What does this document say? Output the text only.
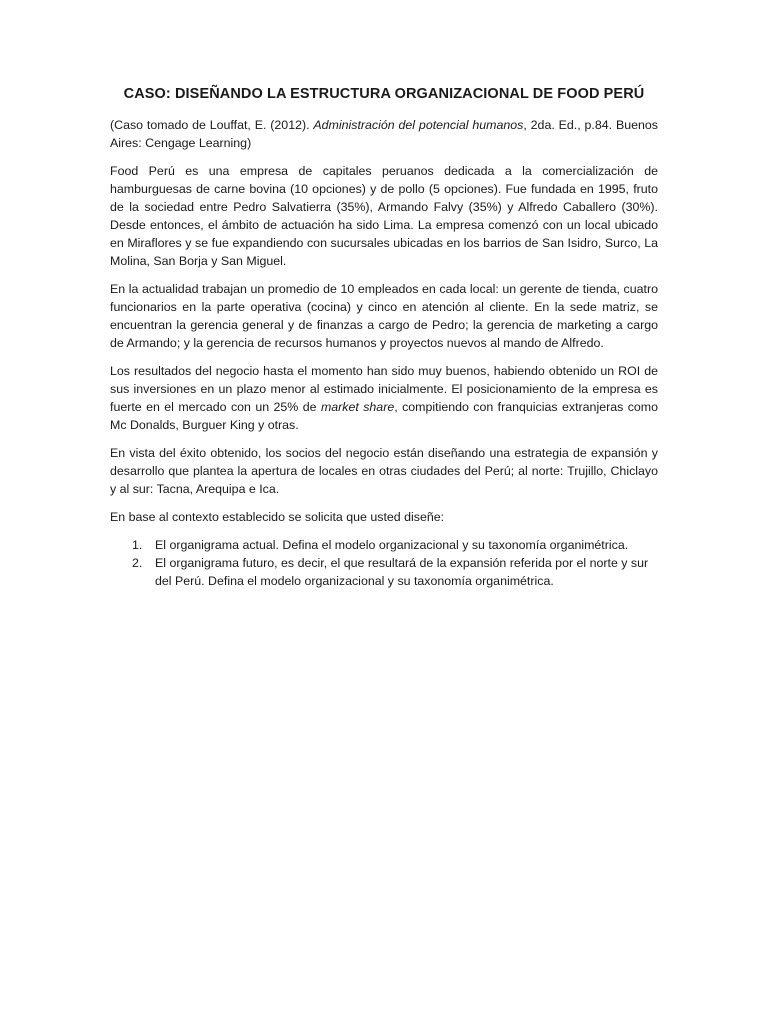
CASO: DISEÑANDO LA ESTRUCTURA ORGANIZACIONAL DE FOOD PERÚ

(Caso tomado de Louffat, E. (2012). Administración del potencial humanos, 2da. Ed., p.84. Buenos Aires: Cengage Learning)

Food Perú es una empresa de capitales peruanos dedicada a la comercialización de hamburguesas de carne bovina (10 opciones) y de pollo (5 opciones). Fue fundada en 1995, fruto de la sociedad entre Pedro Salvatierra (35%), Armando Falvy (35%) y Alfredo Caballero (30%). Desde entonces, el ámbito de actuación ha sido Lima. La empresa comenzó con un local ubicado en Miraflores y se fue expandiendo con sucursales ubicadas en los barrios de San Isidro, Surco, La Molina, San Borja y San Miguel.

En la actualidad trabajan un promedio de 10 empleados en cada local: un gerente de tienda, cuatro funcionarios en la parte operativa (cocina) y cinco en atención al cliente. En la sede matriz, se encuentran la gerencia general y de finanzas a cargo de Pedro; la gerencia de marketing a cargo de Armando; y la gerencia de recursos humanos y proyectos nuevos al mando de Alfredo.

Los resultados del negocio hasta el momento han sido muy buenos, habiendo obtenido un ROI de sus inversiones en un plazo menor al estimado inicialmente. El posicionamiento de la empresa es fuerte en el mercado con un 25% de market share, compitiendo con franquicias extranjeras como Mc Donalds, Burguer King y otras.

En vista del éxito obtenido, los socios del negocio están diseñando una estrategia de expansión y desarrollo que plantea la apertura de locales en otras ciudades del Perú; al norte: Trujillo, Chiclayo y al sur: Tacna, Arequipa e Ica.

En base al contexto establecido se solicita que usted diseñe:

1. El organigrama actual. Defina el modelo organizacional y su taxonomía organimétrica.
2. El organigrama futuro, es decir, el que resultará de la expansión referida por el norte y sur del Perú. Defina el modelo organizacional y su taxonomía organimétrica.
